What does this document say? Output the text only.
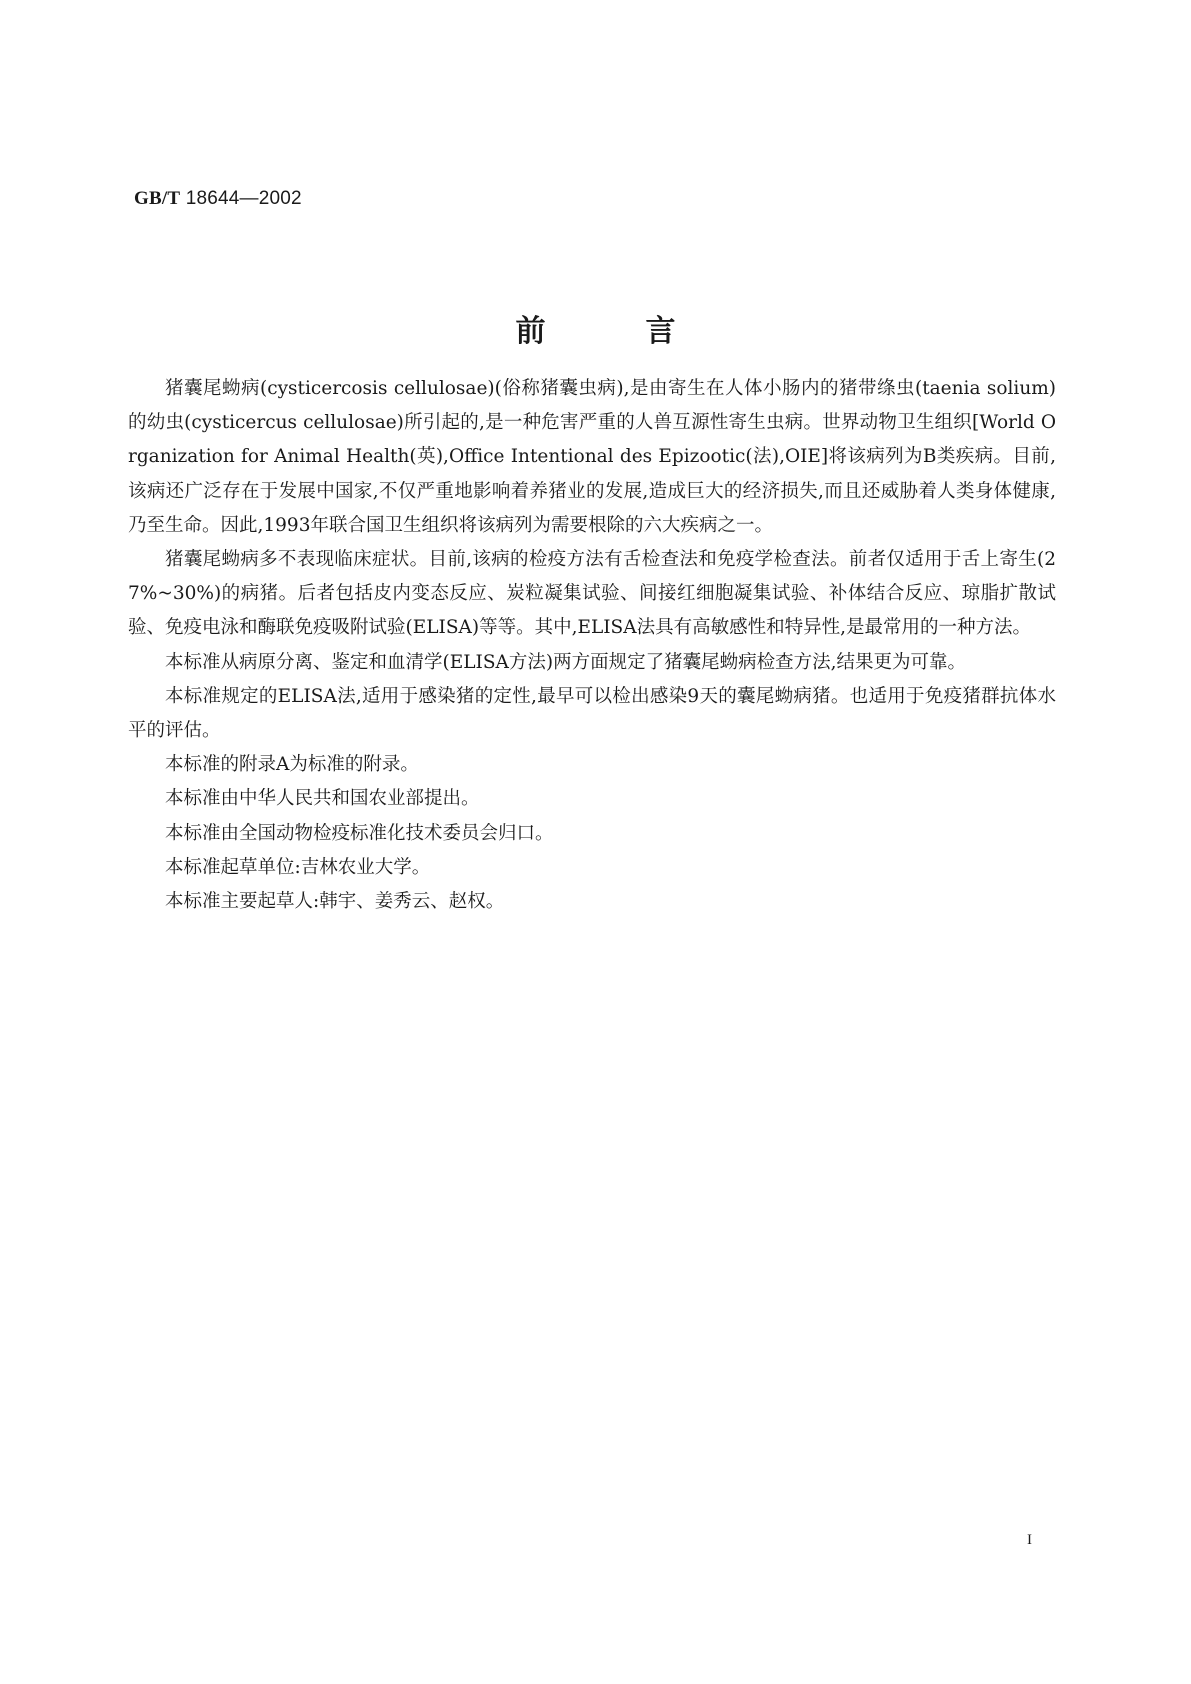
GB/T 18644—2002
前	言

猪囊尾蚴病(cysticercosis cellulosae)(俗称猪囊虫病),是由寄生在人体小肠内的猪带绦虫(taenia solium)的幼虫(cysticercus cellulosae)所引起的,是一种危害严重的人兽互源性寄生虫病。世界动物卫生组织[World Organization for Animal Health(英),Office Intentional des Epizootic(法),OIE]将该病列为B类疾病。目前,该病还广泛存在于发展中国家,不仅严重地影响着养猪业的发展,造成巨大的经济损失,而且还威胁着人类身体健康,乃至生命。因此,1993年联合国卫生组织将该病列为需要根除的六大疾病之一。

猪囊尾蚴病多不表现临床症状。目前,该病的检疫方法有舌检查法和免疫学检查法。前者仅适用于舌上寄生(27%~30%)的病猪。后者包括皮内变态反应、炭粒凝集试验、间接红细胞凝集试验、补体结合反应、琼脂扩散试验、免疫电泳和酶联免疫吸附试验(ELISA)等等。其中,ELISA法具有高敏感性和特异性,是最常用的一种方法。

本标准从病原分离、鉴定和血清学(ELISA方法)两方面规定了猪囊尾蚴病检查方法,结果更为可靠。

本标准规定的ELISA法,适用于感染猪的定性,最早可以检出感染9天的囊尾蚴病猪。也适用于免疫猪群抗体水平的评估。

本标准的附录A为标准的附录。

本标准由中华人民共和国农业部提出。

本标准由全国动物检疫标准化技术委员会归口。

本标准起草单位:吉林农业大学。

本标准主要起草人:韩宇、姜秀云、赵权。

I
